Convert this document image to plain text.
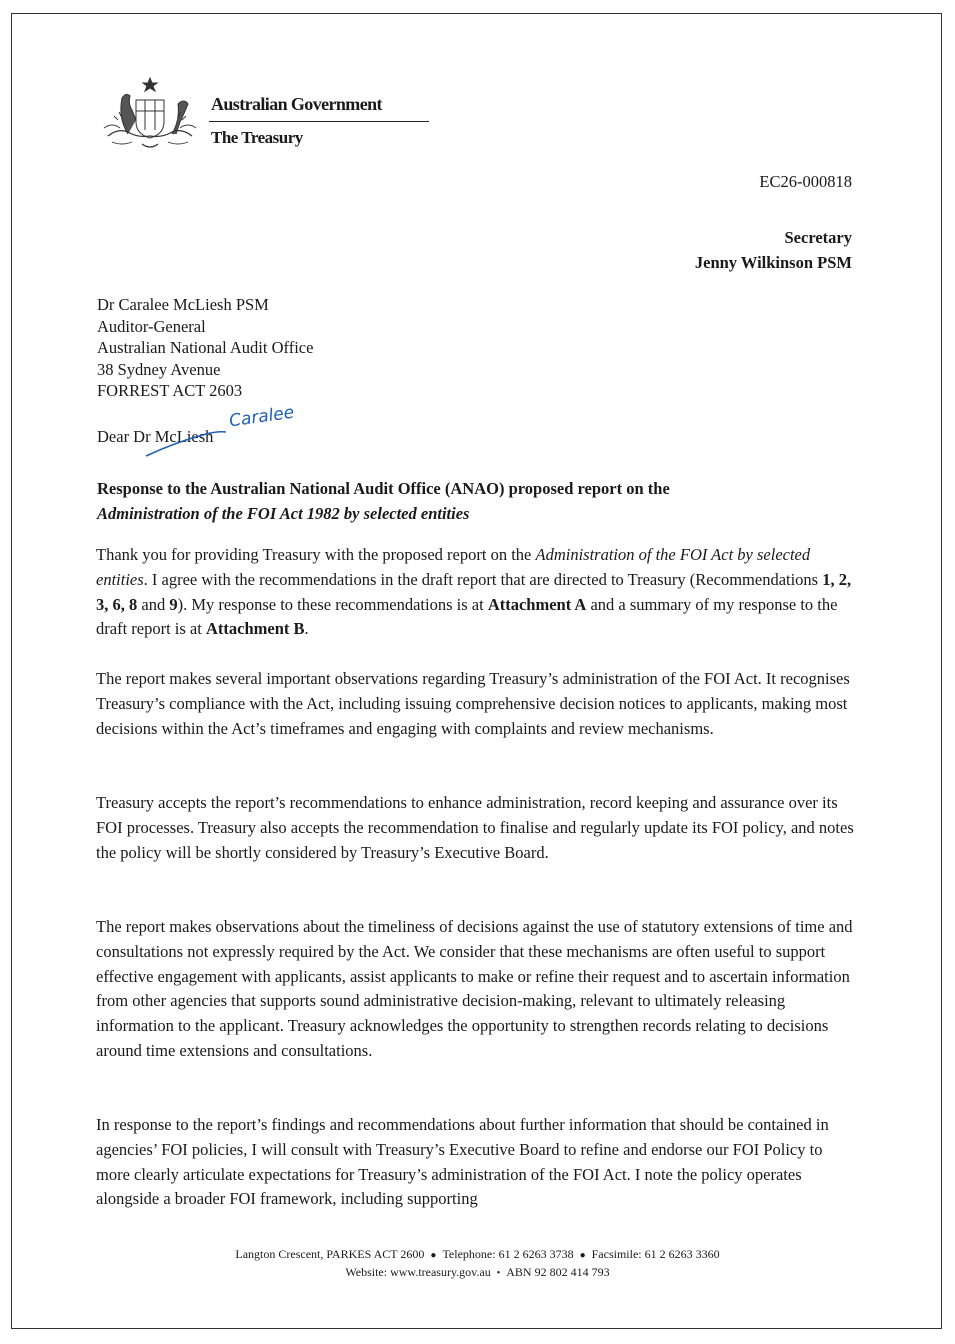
Australian Government
The Treasury
EC26-000818
Secretary
Jenny Wilkinson PSM
Dr Caralee McLiesh PSM
Auditor-General
Australian National Audit Office
38 Sydney Avenue
FORREST ACT 2603
Dear Dr McLiesh
Caralee
Response to the Australian National Audit Office (ANAO) proposed report on the
Administration of the FOI Act 1982 by selected entities

Thank you for providing Treasury with the proposed report on the Administration of the FOI Act by selected entities. I agree with the recommendations in the draft report that are directed to Treasury (Recommendations 1, 2, 3, 6, 8 and 9). My response to these recommendations is at Attachment A and a summary of my response to the draft report is at Attachment B.

The report makes several important observations regarding Treasury’s administration of the FOI Act. It recognises Treasury’s compliance with the Act, including issuing comprehensive decision notices to applicants, making most decisions within the Act’s timeframes and engaging with complaints and review mechanisms.

Treasury accepts the report’s recommendations to enhance administration, record keeping and assurance over its FOI processes. Treasury also accepts the recommendation to finalise and regularly update its FOI policy, and notes the policy will be shortly considered by Treasury’s Executive Board.

The report makes observations about the timeliness of decisions against the use of statutory extensions of time and consultations not expressly required by the Act. We consider that these mechanisms are often useful to support effective engagement with applicants, assist applicants to make or refine their request and to ascertain information from other agencies that supports sound administrative decision-making, relevant to ultimately releasing information to the applicant. Treasury acknowledges the opportunity to strengthen records relating to decisions around time extensions and consultations.

In response to the report’s findings and recommendations about further information that should be contained in agencies’ FOI policies, I will consult with Treasury’s Executive Board to refine and endorse our FOI Policy to more clearly articulate expectations for Treasury’s administration of the FOI Act. I note the policy operates alongside a broader FOI framework, including supporting

Langton Crescent, PARKES ACT 2600 ● Telephone: 61 2 6263 3738 ● Facsimile: 61 2 6263 3360
Website: www.treasury.gov.au • ABN 92 802 414 793
